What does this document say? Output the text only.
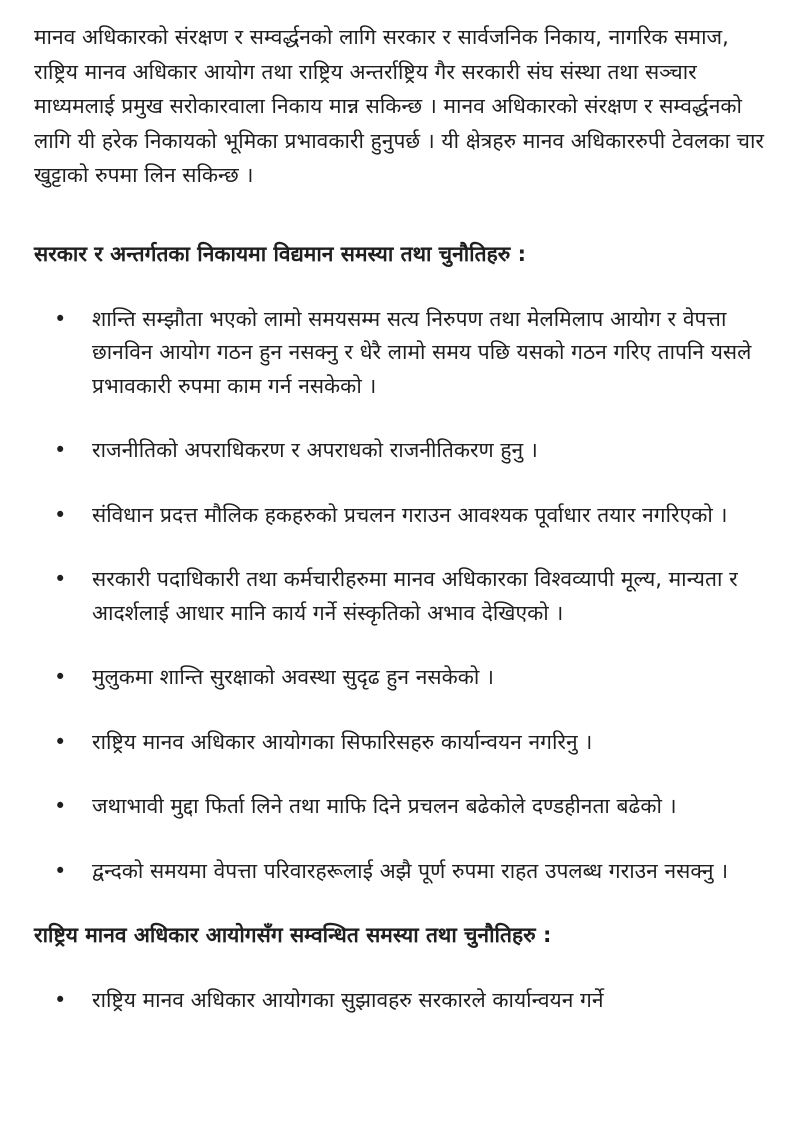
मानव अधिकारको संरक्षण र सम्वर्द्धनको लागि सरकार र सार्वजनिक निकाय, नागरिक समाज, राष्ट्रिय मानव अधिकार आयोग तथा राष्ट्रिय अन्तर्राष्ट्रिय गैर सरकारी संघ संस्था तथा सञ्चार माध्यमलाई प्रमुख सरोकारवाला निकाय मान्न सकिन्छ । मानव अधिकारको संरक्षण र सम्वर्द्धनको लागि यी हरेक निकायको भूमिका प्रभावकारी हुनुपर्छ । यी क्षेत्रहरु मानव अधिकाररुपी टेवलका चार खुट्टाको रुपमा लिन सकिन्छ ।

सरकार र अन्तर्गतका निकायमा विद्यमान समस्या तथा चुनौतिहरु :
• शान्ति सम्झौता भएको लामो समयसम्म सत्य निरुपण तथा मेलमिलाप आयोग र वेपत्ता छानविन आयोग गठन हुन नसक्नु र धेरै लामो समय पछि यसको गठन गरिए तापनि यसले प्रभावकारी रुपमा काम गर्न नसकेको ।
• राजनीतिको अपराधिकरण र अपराधको राजनीतिकरण हुनु ।
• संविधान प्रदत्त मौलिक हकहरुको प्रचलन गराउन आवश्यक पूर्वाधार तयार नगरिएको ।
• सरकारी पदाधिकारी तथा कर्मचारीहरुमा मानव अधिकारका विश्वव्यापी मूल्य, मान्यता र आदर्शलाई आधार मानि कार्य गर्ने संस्कृतिको अभाव देखिएको ।
• मुलुकमा शान्ति सुरक्षाको अवस्था सुदृढ हुन नसकेको ।
• राष्ट्रिय मानव अधिकार आयोगका सिफारिसहरु कार्यान्वयन नगरिनु ।
• जथाभावी मुद्दा फिर्ता लिने तथा माफि दिने प्रचलन बढेकोले दण्डहीनता बढेको ।
• द्वन्दको समयमा वेपत्ता परिवारहरूलाई अझै पूर्ण रुपमा राहत उपलब्ध गराउन नसक्नु ।
राष्ट्रिय मानव अधिकार आयोगसँग सम्वन्धित समस्या तथा चुनौतिहरु :
• राष्ट्रिय मानव अधिकार आयोगका सुझावहरु सरकारले कार्यान्वयन गर्ने
